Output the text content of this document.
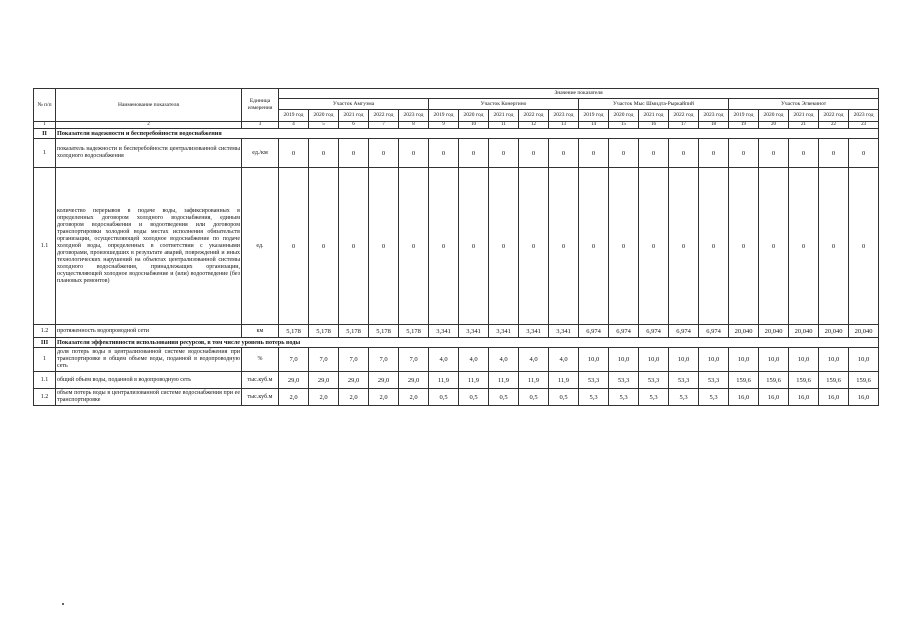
№ п/п	Наименование показателя	Единица измерения	Значение показателя																			
			Участок Амгуэма					Участок Конергино					Участок Мыс Шмидта-Рыркайпий					Участок Эгвекинот				
			2019 год	2020 год	2021 год	2022 год	2023 год	2019 год	2020 год	2021 год	2022 год	2023 год	2019 год	2020 год	2021 год	2022 год	2023 год	2019 год	2020 год	2021 год	2022 год	2023 год
1	2	3	4	5	6	7	8	9	10	11	12	13	14	15	16	17	18	19	20	21	22	23
II	Показатели надежности и бесперебойности водоснабжения																					
1	показатель надежности и бесперебойности централизованной системы холодного водоснабжения	ед./км	0	0	0	0	0	0	0	0	0	0	0	0	0	0	0	0	0	0	0	0
1.1	количество перерывов в подаче воды, зафиксированных в определенных договором холодного водоснабжения, единым договором водоснабжения и водоотведения или договором транспортировки холодной воды местах исполнения обязательств организации, осуществляющей холодное водоснабжение по подаче холодной воды, определенных в соответствии с указанными договорами, произошедших в результате аварий, повреждений и иных технологических нарушений на объектах централизованной системы холодного водоснабжения, принадлежащих организации, осуществляющей холодное водоснабжение и (или) водоотведение (без плановых ремонтов)	ед.	0	0	0	0	0	0	0	0	0	0	0	0	0	0	0	0	0	0	0	0
1.2	протяженность водопроводной сети	км	5,178	5,178	5,178	5,178	5,178	3,341	3,341	3,341	3,341	3,341	6,974	6,974	6,974	6,974	6,974	20,040	20,040	20,040	20,040	20,040
III	Показатели эффективности использования ресурсов, в том числе уровень потерь воды																					
1	доля потерь воды в централизованной системе водоснабжения при транспортировке в общем объеме воды, поданной в водопроводную сеть	%	7,0	7,0	7,0	7,0	7,0	4,0	4,0	4,0	4,0	4,0	10,0	10,0	10,0	10,0	10,0	10,0	10,0	10,0	10,0	10,0
1.1	общий объем воды, поданной в водопроводную сеть	тыс.куб.м	29,0	29,0	29,0	29,0	29,0	11,9	11,9	11,9	11,9	11,9	53,3	53,3	53,3	53,3	53,3	159,6	159,6	159,6	159,6	159,6
1.2	объем потерь воды в централизованной системе водоснабжения при ее транспортировке	тыс.куб.м	2,0	2,0	2,0	2,0	2,0	0,5	0,5	0,5	0,5	0,5	5,3	5,3	5,3	5,3	5,3	16,0	16,0	16,0	16,0	16,0
